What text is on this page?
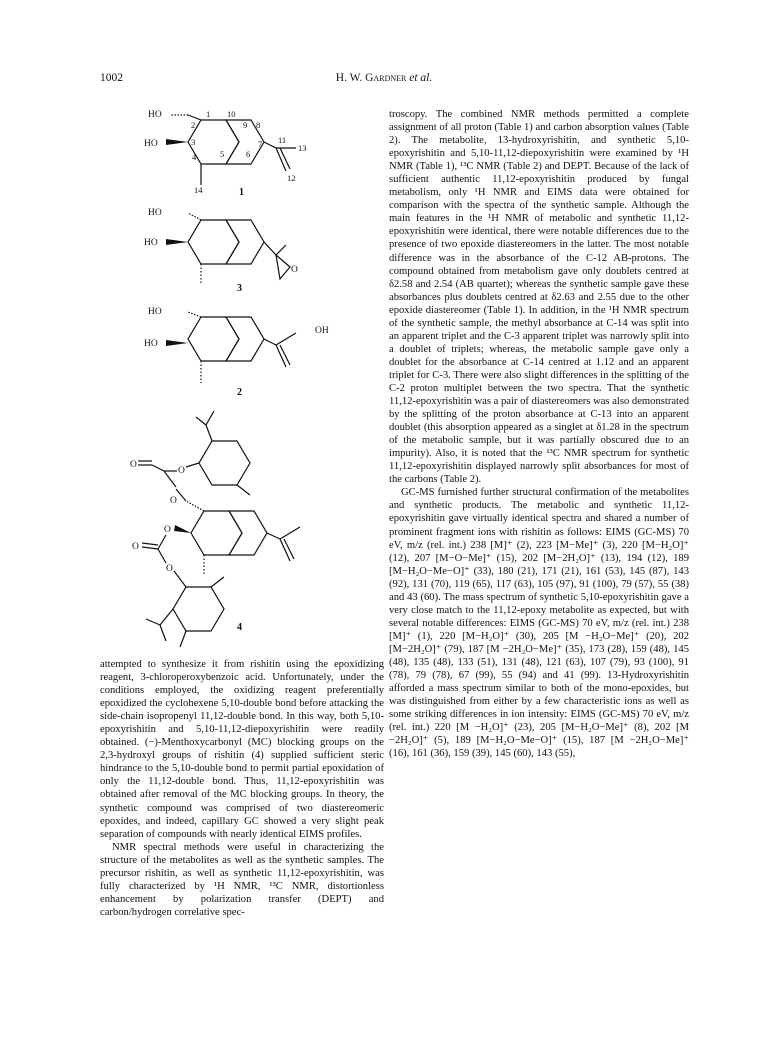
1002	H. W. Gardner et al.
HO
HO
1
2
3
4	5	6
7
8
9
10
11
12
13
14	1
HO
HO
O
3
HO
HO
OH
2
O
O
O
O
O
O
4

troscopy. The combined NMR methods permitted a complete assignment of all proton (Table 1) and carbon absorption values (Table 2). The metabolite, 13-hydroxyrishitin, and synthetic 5,10-epoxyrishitin and 5,10-11,12-diepoxyrishitin were examined by ¹H NMR (Table 1), ¹³C NMR (Table 2) and DEPT. Because of the lack of sufficient authentic 11,12-epoxyrishitin produced by fungal metabolism, only ¹H NMR and EIMS data were obtained for comparison with the spectra of the synthetic sample. Although the main features in the ¹H NMR of metabolic and synthetic 11,12-epoxyrishitin were identical, there were notable differences due to the presence of two epoxide diastereomers in the latter. The most notable difference was in the absorbance of the C-12 AB-protons. The compound obtained from metabolism gave only doublets centred at δ2.58 and 2.54 (AB quartet); whereas the synthetic sample gave these absorbances plus doublets centred at δ2.63 and 2.55 due to the other epoxide diastereomer (Table 1). In addition, in the ¹H NMR spectrum of the synthetic sample, the methyl absorbance at C-14 was split into an apparent triplet and the C-3 apparent triplet was narrowly split into a doublet of triplets; whereas, the metabolic sample gave only a doublet for the absorbance at C-14 centred at 1.12 and an apparent triplet for C-3. There were also slight differences in the splitting of the C-2 proton multiplet between the two spectra. That the synthetic 11,12-epoxyrishitin was a pair of diastereomers was also demonstrated by the splitting of the proton absorbance at C-13 into an apparent doublet (this absorption appeared as a singlet at δ1.28 in the spectrum of the metabolic sample, but it was partially obscured due to an impurity). Also, it is noted that the ¹³C NMR spectrum for synthetic 11,12-epoxyrishitin displayed narrowly split absorbances for most of the carbons (Table 2).

GC-MS furnished further structural confirmation of the metabolites and synthetic products. The metabolic and synthetic 11,12-epoxyrishitin gave virtually identical spectra and shared a number of prominent fragment ions with rishitin as follows: EIMS (GC-MS) 70 eV, m/z (rel. int.) 238 [M]⁺ (2), 223 [M−Me]⁺ (3), 220 [M−H₂O]⁺ (12), 207 [M−O−Me]⁺ (15), 202 [M−2H₂O]⁺ (13), 194 (12), 189 [M−H₂O−Me−O]⁺ (33), 180 (21), 171 (21), 161 (53), 145 (87), 143 (92), 131 (70), 119 (65), 117 (63), 105 (97), 91 (100), 79 (57), 55 (38) and 43 (60). The mass spectrum of synthetic 5,10-epoxyrishitin gave a very close match to the 11,12-epoxy metabolite as expected, but with several notable differences: EIMS (GC-MS) 70 eV, m/z (rel. int.) 238 [M]⁺ (1), 220 [M−H₂O]⁺ (30), 205 [M −H₂O−Me]⁺ (20), 202 [M−2H₂O]⁺ (79), 187 [M −2H₂O−Me]⁺ (35), 173 (28), 159 (48), 145 (48), 135 (48), 133 (51), 131 (48), 121 (63), 107 (79), 93 (100), 91 (78), 79 (78), 67 (99), 55 (94) and 41 (99). 13-Hydroxyrishitin afforded a mass spectrum similar to both of the mono-epoxides, but was distinguished from either by a few characteristic ions as well as some striking differences in ion intensity: EIMS (GC-MS) 70 eV, m/z (rel. int.) 220 [M −H₂O]⁺ (23), 205 [M−H₂O−Me]⁺ (8), 202 [M −2H₂O]⁺ (5), 189 [M−H₂O−Me−O]⁺ (15), 187 [M −2H₂O−Me]⁺ (16), 161 (36), 159 (39), 145 (60), 143 (55),

attempted to synthesize it from rishitin using the epoxidizing reagent, 3-chloroperoxybenzoic acid. Unfortunately, under the conditions employed, the oxidizing reagent preferentially epoxidized the cyclohexene 5,10-double bond before attacking the side-chain isopropenyl 11,12-double bond. In this way, both 5,10-epoxyrishitin and 5,10-11,12-diepoxyrishitin were readily obtained. (−)-Menthoxycarbonyl (MC) blocking groups on the 2,3-hydroxyl groups of rishitin (4) supplied sufficient steric hindrance to the 5,10-double bond to permit partial epoxidation of only the 11,12-double bond. Thus, 11,12-epoxyrishitin was obtained after removal of the MC blocking groups. In theory, the synthetic compound was comprised of two diastereomeric epoxides, and indeed, capillary GC showed a very slight peak separation of compounds with nearly identical EIMS profiles.

NMR spectral methods were useful in characterizing the structure of the metabolites as well as the synthetic samples. The precursor rishitin, as well as synthetic 11,12-epoxyrishitin, was fully characterized by ¹H NMR, ¹³C NMR, distortionless enhancement by polarization transfer (DEPT) and carbon/hydrogen correlative spec-
